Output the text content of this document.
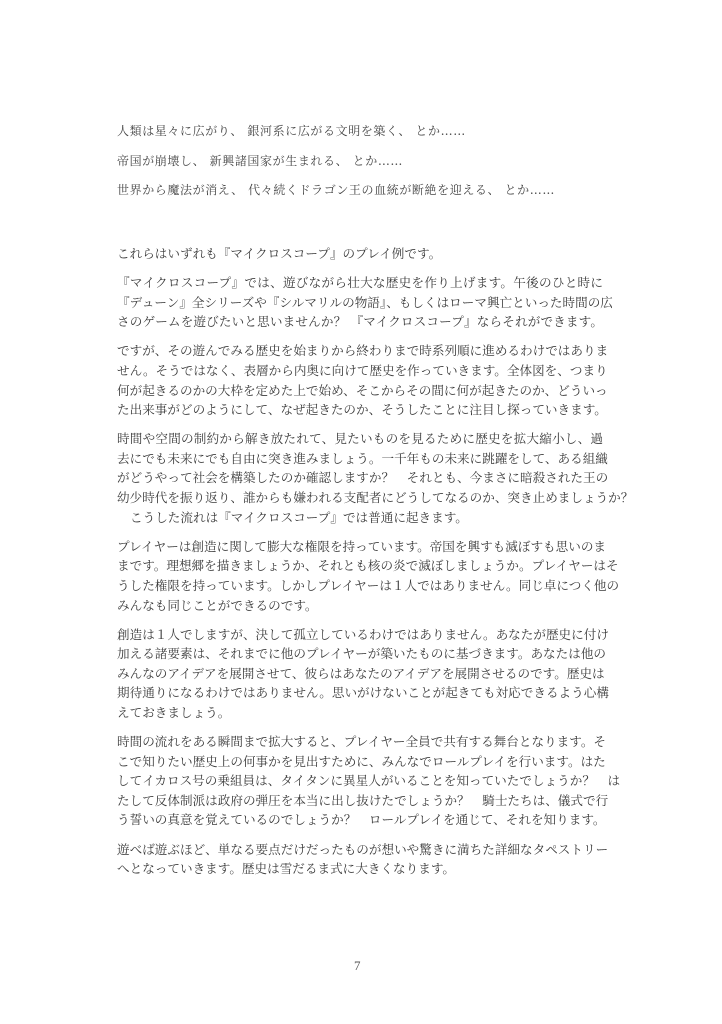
人類は星々に広がり、 銀河系に広がる文明を築く、 とか……
帝国が崩壊し、 新興諸国家が生まれる、 とか……
世界から魔法が消え、 代々続くドラゴン王の血統が断絶を迎える、 とか……
これらはいずれも『マイクロスコープ』のプレイ例です。
『マイクロスコープ』では、遊びながら壮大な歴史を作り上げます。午後のひと時に
『デューン』全シリーズや『シルマリルの物語』、もしくはローマ興亡といった時間の広
さのゲームを遊びたいと思いませんか？ 『マイクロスコープ』ならそれができます。
ですが、その遊んでみる歴史を始まりから終わりまで時系列順に進めるわけではありま
せん。そうではなく、表層から内奥に向けて歴史を作っていきます。全体図を、つまり
何が起きるのかの大枠を定めた上で始め、そこからその間に何が起きたのか、どういっ
た出来事がどのようにして、なぜ起きたのか、そうしたことに注目し探っていきます。
時間や空間の制約から解き放たれて、見たいものを見るために歴史を拡大縮小し、過
去にでも未来にでも自由に突き進みましょう。一千年もの未来に跳躍をして、ある組織
がどうやって社会を構築したのか確認しますか？　それとも、今まさに暗殺された王の
幼少時代を振り返り、誰からも嫌われる支配者にどうしてなるのか、突き止めましょうか？
こうした流れは『マイクロスコープ』では普通に起きます。
プレイヤーは創造に関して膨大な権限を持っています。帝国を興すも滅ぼすも思いのま
まです。理想郷を描きましょうか、それとも核の炎で滅ぼしましょうか。プレイヤーはそ
うした権限を持っています。しかしプレイヤーは１人ではありません。同じ卓につく他の
みんなも同じことができるのです。
創造は１人でしますが、決して孤立しているわけではありません。あなたが歴史に付け
加える諸要素は、それまでに他のプレイヤーが築いたものに基づきます。あなたは他の
みんなのアイデアを展開させて、彼らはあなたのアイデアを展開させるのです。歴史は
期待通りになるわけではありません。思いがけないことが起きても対応できるよう心構
えておきましょう。
時間の流れをある瞬間まで拡大すると、プレイヤー全員で共有する舞台となります。そ
こで知りたい歴史上の何事かを見出すために、みんなでロールプレイを行います。はた
してイカロス号の乗組員は、タイタンに異星人がいることを知っていたでしょうか？　は
たして反体制派は政府の弾圧を本当に出し抜けたでしょうか？　騎士たちは、儀式で行
う誓いの真意を覚えているのでしょうか？　ロールプレイを通じて、それを知ります。
遊べば遊ぶほど、単なる要点だけだったものが想いや驚きに満ちた詳細なタペストリー
へとなっていきます。歴史は雪だるま式に大きくなります。
7
